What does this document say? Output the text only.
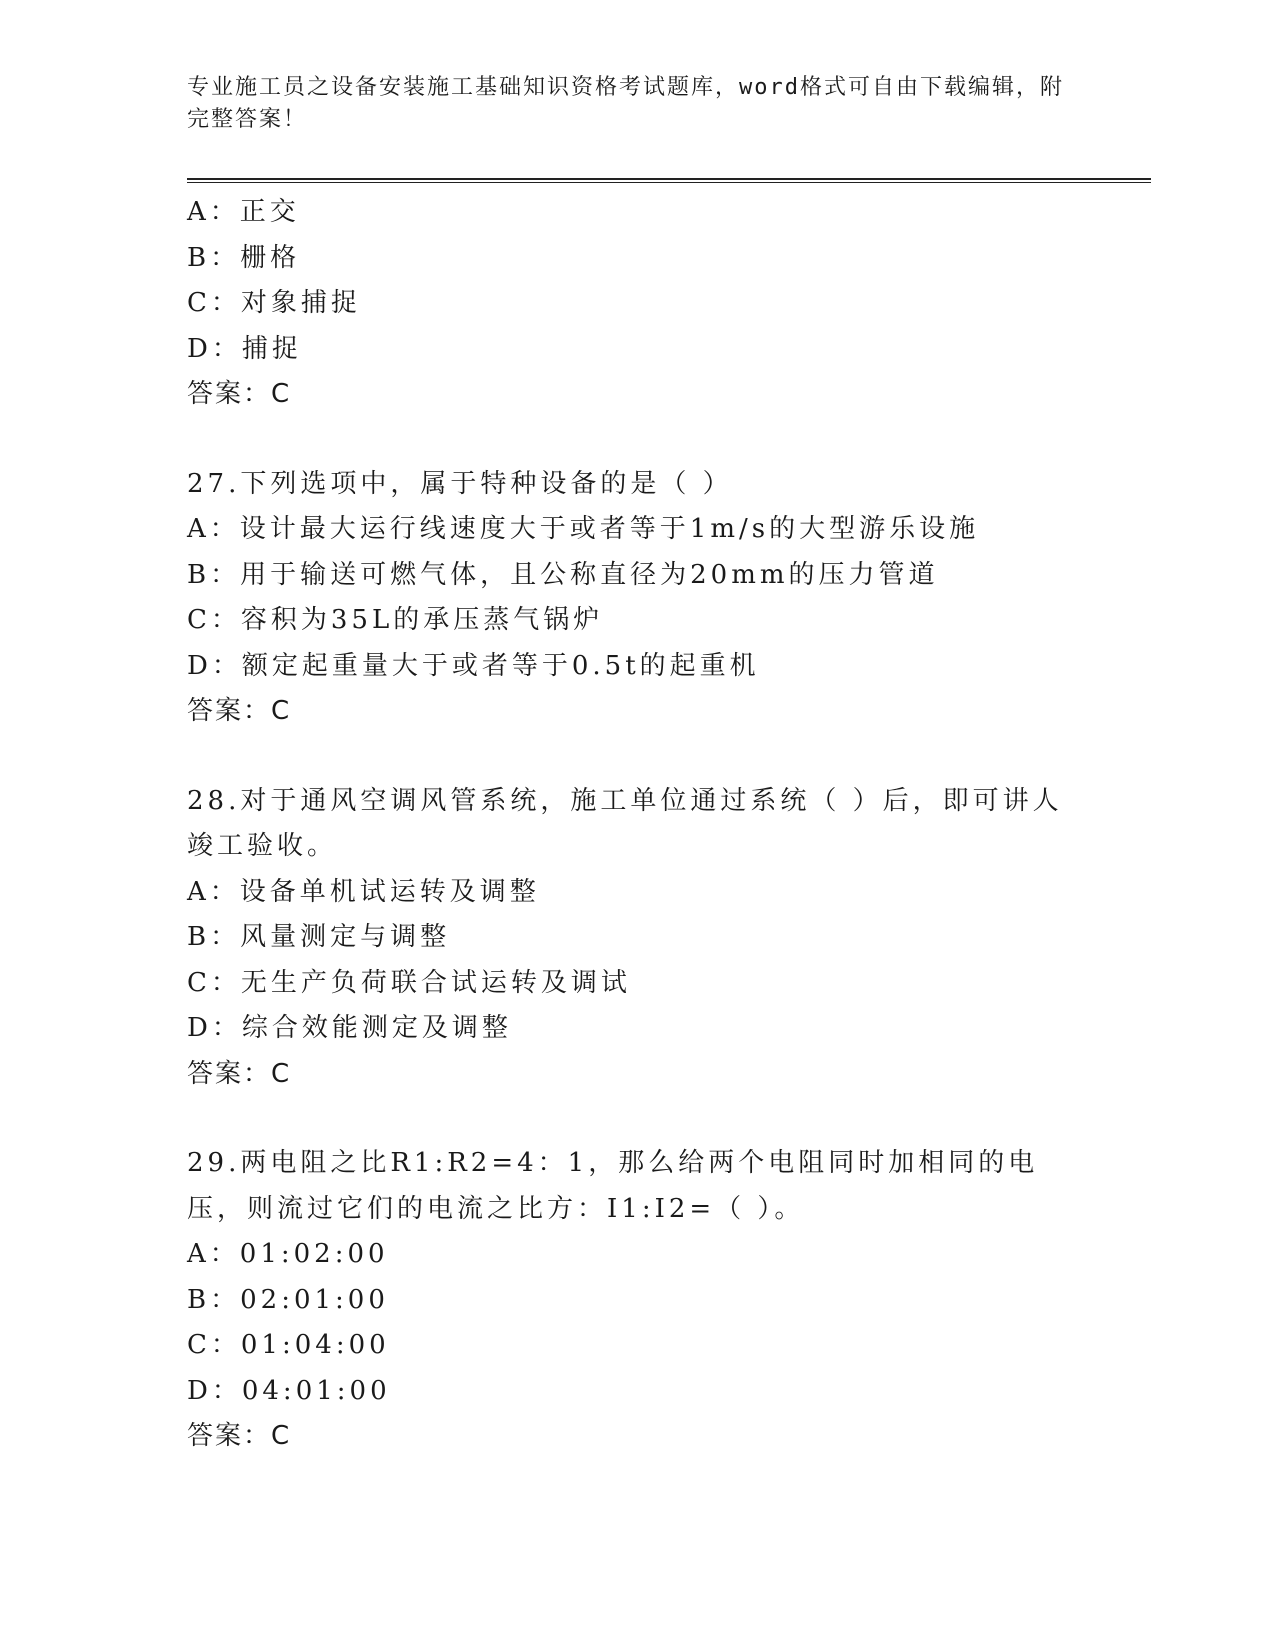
专业施工员之设备安装施工基础知识资格考试题库，word格式可自由下载编辑，附完整答案！
A：正交
B：栅格
C：对象捕捉
D：捕捉
答案：C
27.下列选项中，属于特种设备的是（ ）
A：设计最大运行线速度大于或者等于1m/s的大型游乐设施
B：用于输送可燃气体，且公称直径为20mm的压力管道
C：容积为35L的承压蒸气锅炉
D：额定起重量大于或者等于0.5t的起重机
答案：C
28.对于通风空调风管系统，施工单位通过系统（ ）后，即可讲人竣工验收。
A：设备单机试运转及调整
B：风量测定与调整
C：无生产负荷联合试运转及调试
D：综合效能测定及调整
答案：C
29.两电阻之比R1:R2=4：1，那么给两个电阻同时加相同的电压，则流过它们的电流之比方：I1:I2=（ ）。
A：01:02:00
B：02:01:00
C：01:04:00
D：04:01:00
答案：C
